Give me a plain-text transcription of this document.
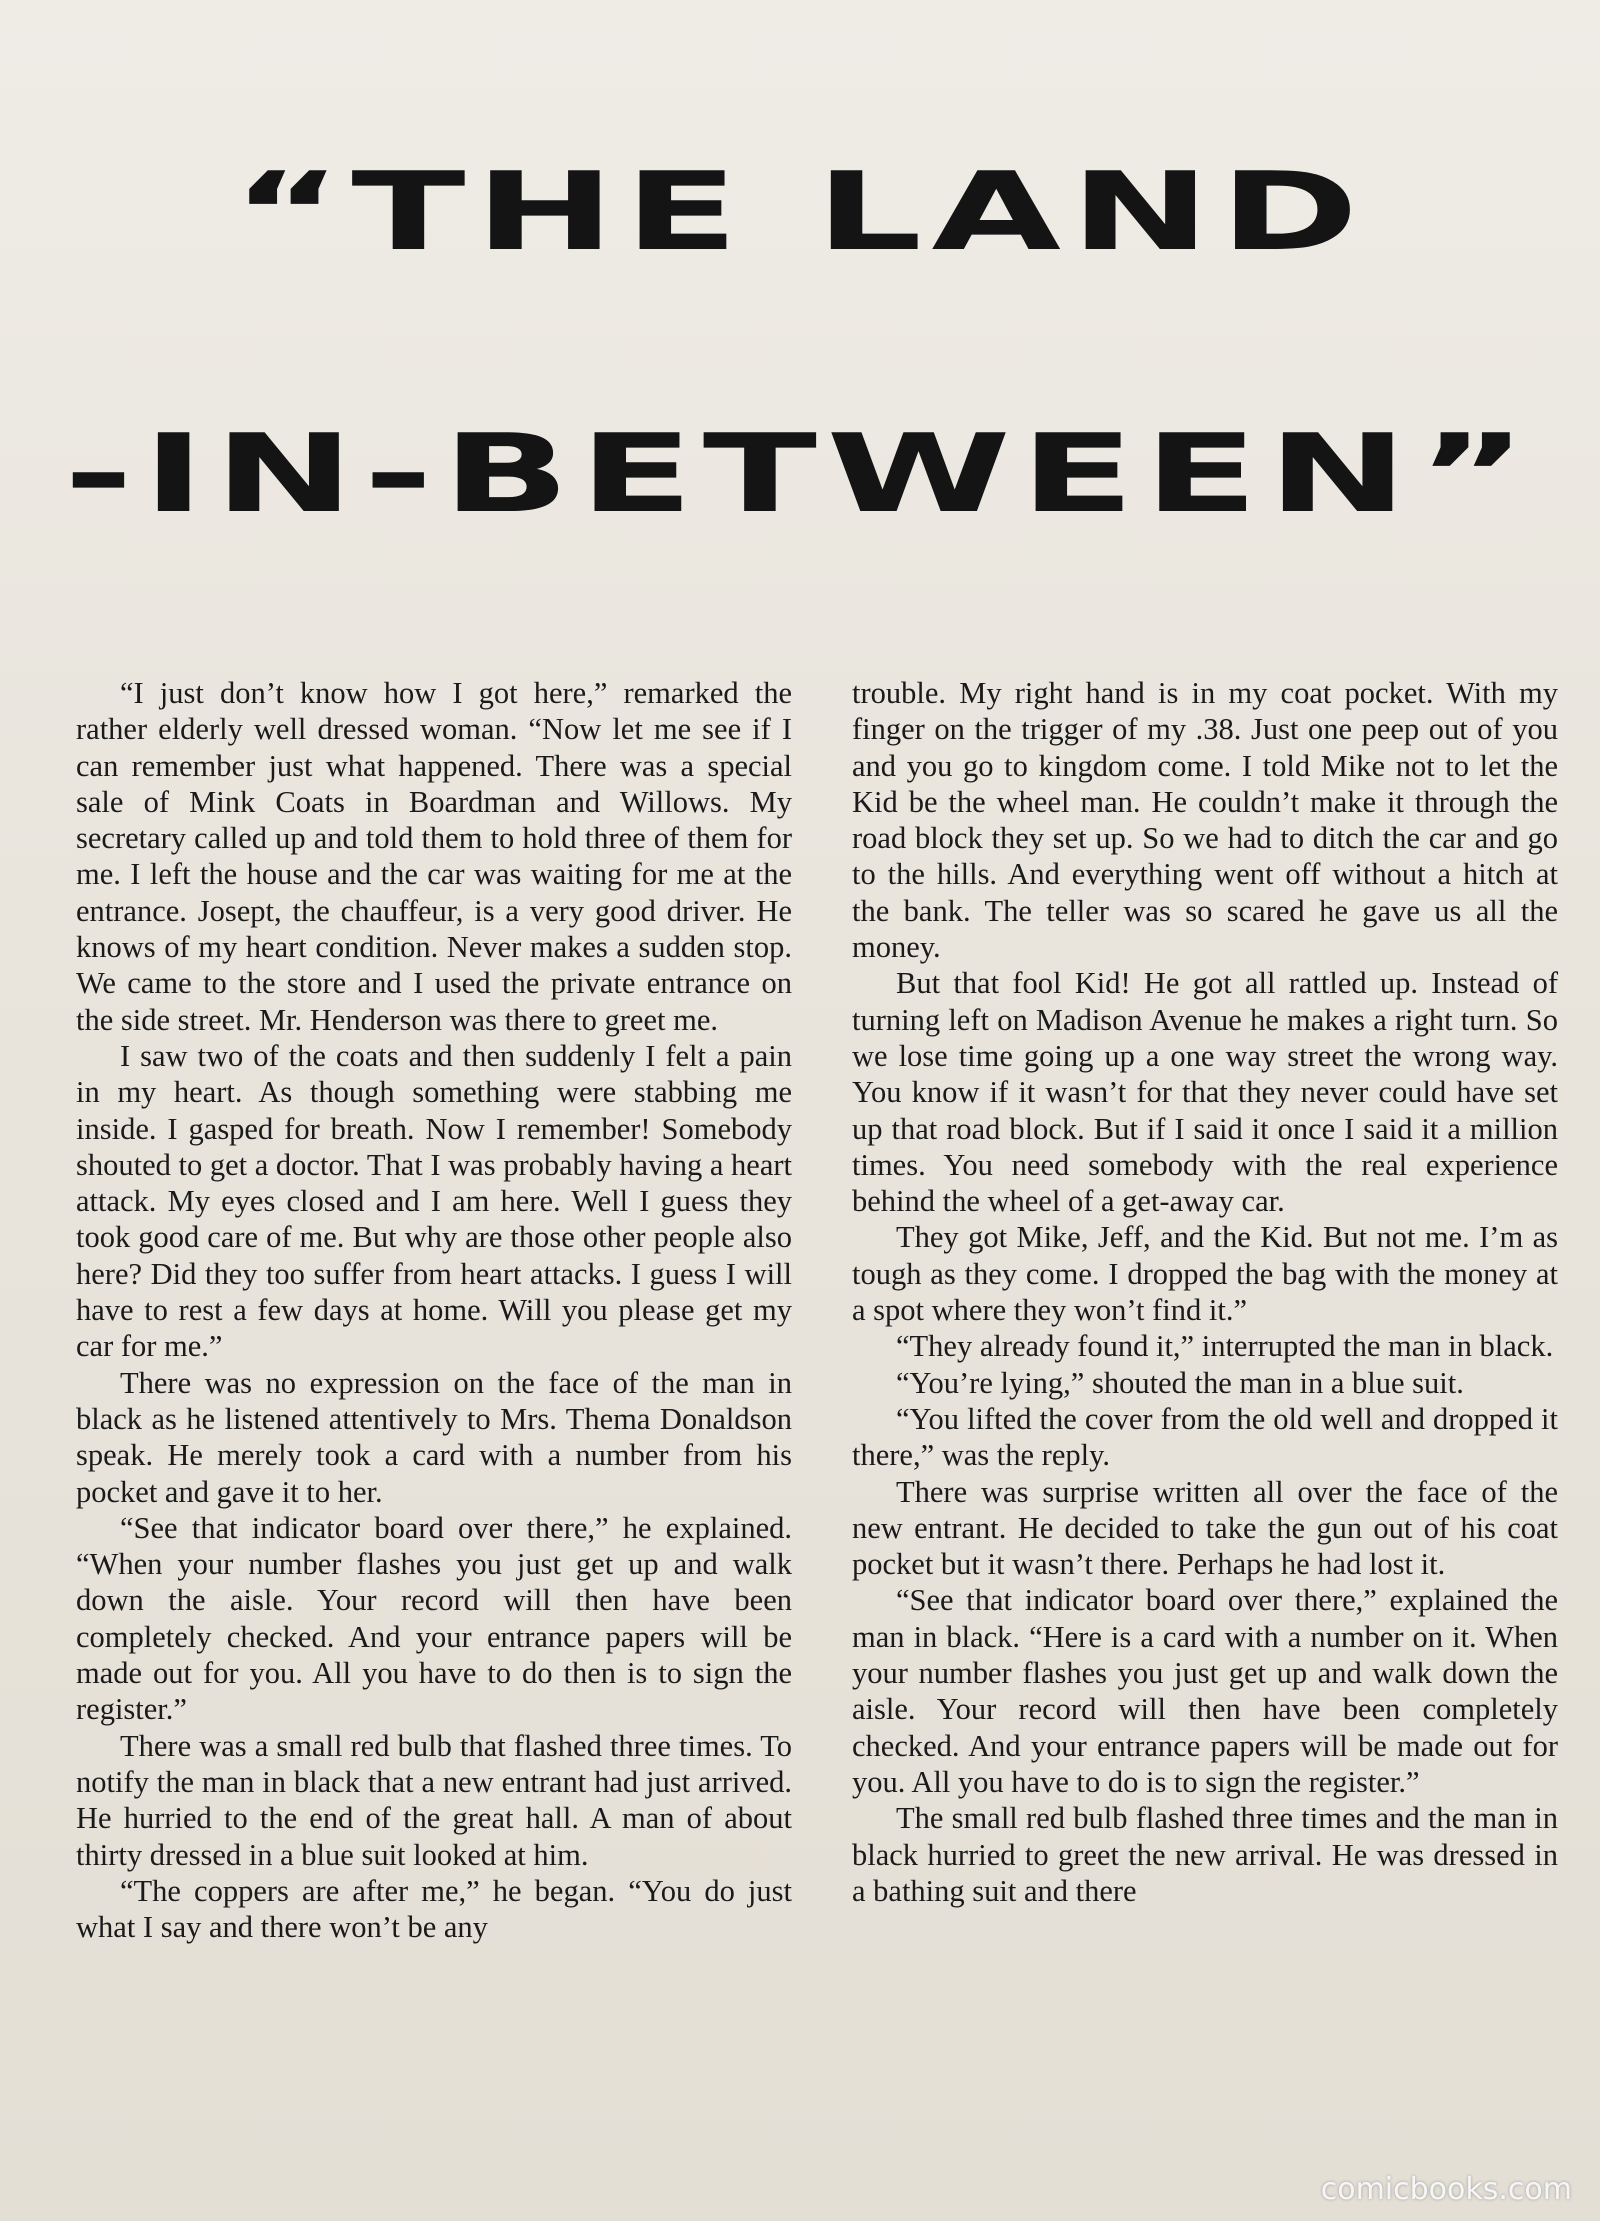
“THE LAND
-IN-BETWEEN”

“I just don’t know how I got here,” remarked the rather elderly well dressed woman. “Now let me see if I can remember just what happened. There was a special sale of Mink Coats in Boardman and Willows. My secretary called up and told them to hold three of them for me. I left the house and the car was waiting for me at the entrance. Josept, the chauffeur, is a very good driver. He knows of my heart condition. Never makes a sudden stop. We came to the store and I used the private entrance on the side street. Mr. Henderson was there to greet me.

I saw two of the coats and then suddenly I felt a pain in my heart. As though something were stabbing me inside. I gasped for breath. Now I remember! Somebody shouted to get a doctor. That I was probably having a heart attack. My eyes closed and I am here. Well I guess they took good care of me. But why are those other people also here? Did they too suffer from heart attacks. I guess I will have to rest a few days at home. Will you please get my car for me.”

There was no expression on the face of the man in black as he listened attentively to Mrs. Thema Donaldson speak. He merely took a card with a number from his pocket and gave it to her.

“See that indicator board over there,” he explained. “When your number flashes you just get up and walk down the aisle. Your record will then have been completely checked. And your entrance papers will be made out for you. All you have to do then is to sign the register.”

There was a small red bulb that flashed three times. To notify the man in black that a new entrant had just arrived. He hurried to the end of the great hall. A man of about thirty dressed in a blue suit looked at him.

“The coppers are after me,” he began. “You do just what I say and there won’t be any

trouble. My right hand is in my coat pocket. With my finger on the trigger of my .38. Just one peep out of you and you go to kingdom come. I told Mike not to let the Kid be the wheel man. He couldn’t make it through the road block they set up. So we had to ditch the car and go to the hills. And everything went off without a hitch at the bank. The teller was so scared he gave us all the money.

But that fool Kid! He got all rattled up. Instead of turning left on Madison Avenue he makes a right turn. So we lose time going up a one way street the wrong way. You know if it wasn’t for that they never could have set up that road block. But if I said it once I said it a million times. You need somebody with the real experience behind the wheel of a get-away car.

They got Mike, Jeff, and the Kid. But not me. I’m as tough as they come. I dropped the bag with the money at a spot where they won’t find it.”

“They already found it,” interrupted the man in black.

“You’re lying,” shouted the man in a blue suit.

“You lifted the cover from the old well and dropped it there,” was the reply.

There was surprise written all over the face of the new entrant. He decided to take the gun out of his coat pocket but it wasn’t there. Perhaps he had lost it.

“See that indicator board over there,” explained the man in black. “Here is a card with a number on it. When your number flashes you just get up and walk down the aisle. Your record will then have been completely checked. And your entrance papers will be made out for you. All you have to do is to sign the register.”

The small red bulb flashed three times and the man in black hurried to greet the new arrival. He was dressed in a bathing suit and there

comicbooks.com
